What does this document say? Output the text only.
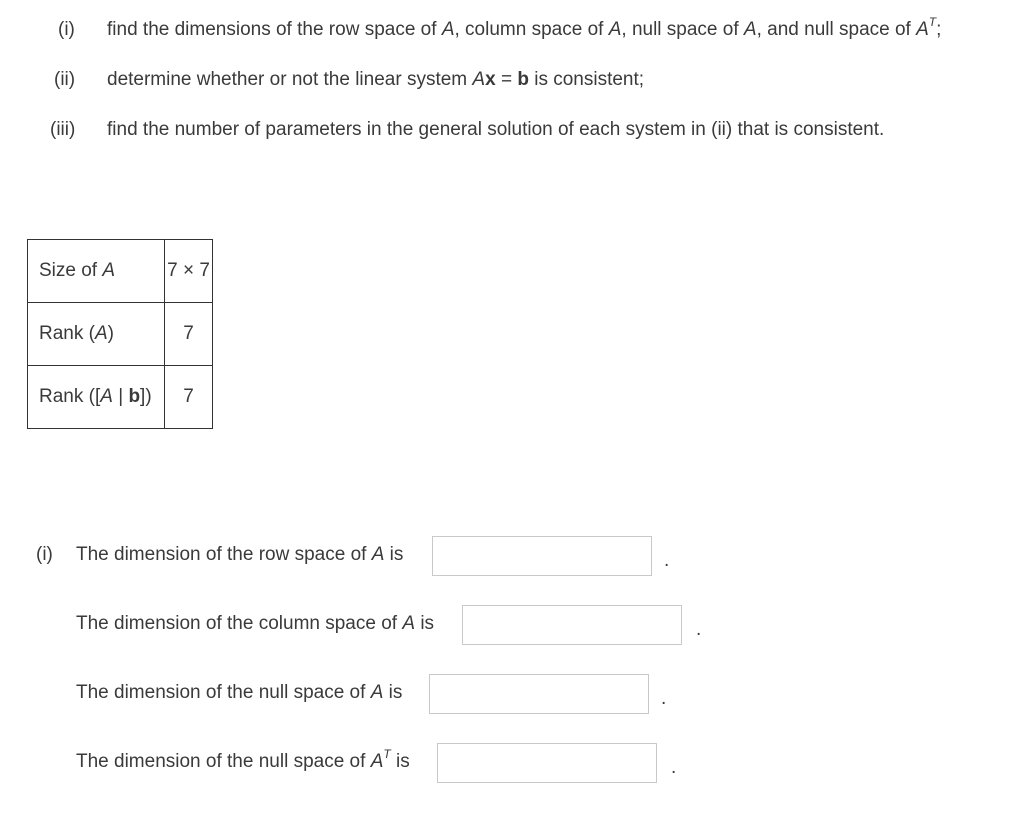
(i) find the dimensions of the row space of A, column space of A, null space of A, and null space of $A^T$;
(ii) determine whether or not the linear system Ax = b is consistent;
(iii) find the number of parameters in the general solution of each system in (ii) that is consistent.
Size of A	7 × 7
Rank (A)	7
Rank ([A | b])	7
(i) The dimension of the row space of A is	.
The dimension of the column space of A is	.
The dimension of the null space of A is	.
The dimension of the null space of $A^T$ is	.
